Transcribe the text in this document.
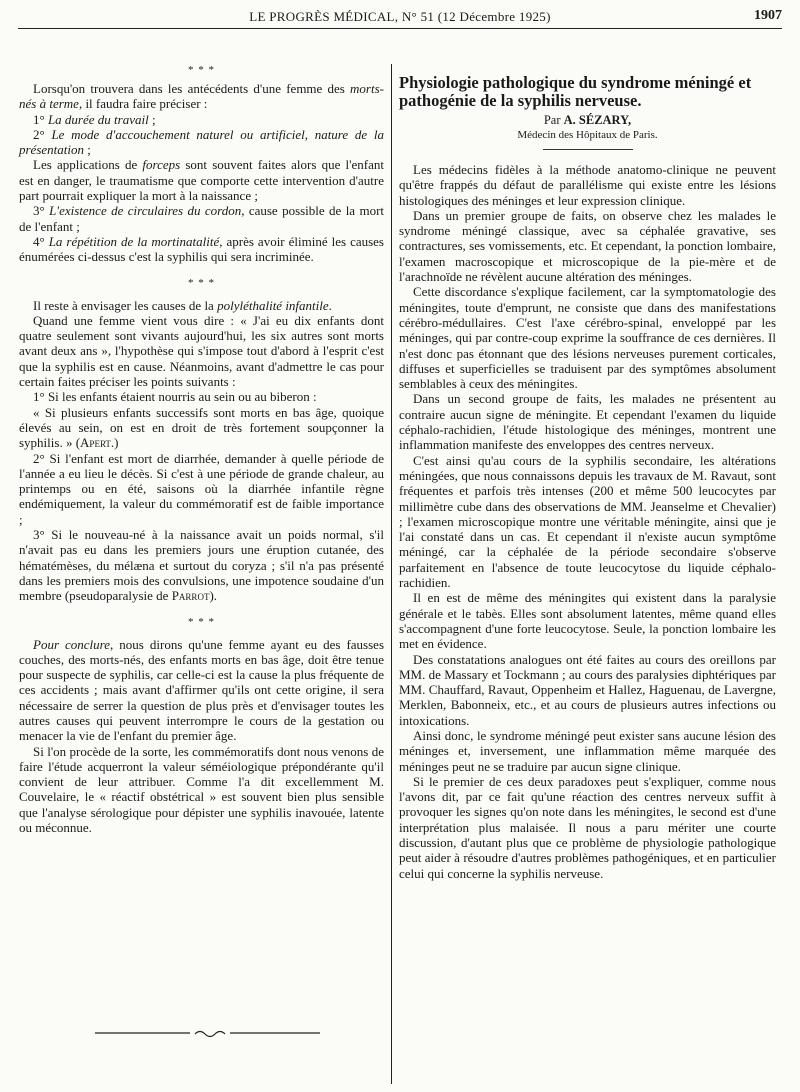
LE PROGRÈS MÉDICAL, N° 51 (12 Décembre 1925)	1907

* * *

Lorsqu'on trouvera dans les antécédents d'une femme des morts-nés à terme, il faudra faire préciser :

1° La durée du travail ;

2° Le mode d'accouchement naturel ou artificiel, nature de la présentation ;

Les applications de forceps sont souvent faites alors que l'enfant est en danger, le traumatisme que comporte cette intervention d'autre part pourrait expliquer la mort à la naissance ;

3° L'existence de circulaires du cordon, cause possible de la mort de l'enfant ;

4° La répétition de la mortinatalité, après avoir éliminé les causes énumérées ci-dessus c'est la syphilis qui sera incriminée.

* * *

Il reste à envisager les causes de la polyléthalité infantile.

Quand une femme vient vous dire : « J'ai eu dix enfants dont quatre seulement sont vivants aujourd'hui, les six autres sont morts avant deux ans », l'hypothèse qui s'impose tout d'abord à l'esprit c'est que la syphilis est en cause. Néanmoins, avant d'admettre le cas pour certain faites préciser les points suivants :

1° Si les enfants étaient nourris au sein ou au biberon :

« Si plusieurs enfants successifs sont morts en bas âge, quoique élevés au sein, on est en droit de très fortement soupçonner la syphilis. » (Apert.)

2° Si l'enfant est mort de diarrhée, demander à quelle période de l'année a eu lieu le décès. Si c'est à une période de grande chaleur, au printemps ou en été, saisons où la diarrhée infantile règne endémiquement, la valeur du commémoratif est de faible importance ;

3° Si le nouveau-né à la naissance avait un poids normal, s'il n'avait pas eu dans les premiers jours une éruption cutanée, des hématémèses, du mélæna et surtout du coryza ; s'il n'a pas présenté dans les premiers mois des convulsions, une impotence soudaine d'un membre (pseudoparalysie de Parrot).

* * *

Pour conclure, nous dirons qu'une femme ayant eu des fausses couches, des morts-nés, des enfants morts en bas âge, doit être tenue pour suspecte de syphilis, car celle-ci est la cause la plus fréquente de ces accidents ; mais avant d'affirmer qu'ils ont cette origine, il sera nécessaire de serrer la question de plus près et d'envisager toutes les autres causes qui peuvent interrompre le cours de la gestation ou menacer la vie de l'enfant du premier âge.

Si l'on procède de la sorte, les commémoratifs dont nous venons de faire l'étude acquerront la valeur séméiologique prépondérante qu'il convient de leur attribuer. Comme l'a dit excellemment M. Couvelaire, le « réactif obstétrical » est souvent bien plus sensible que l'analyse sérologique pour dépister une syphilis inavouée, latente ou méconnue.

Physiologie pathologique du syndrome méningé et pathogénie de la syphilis nerveuse.

Par A. SÉZARY,

Médecin des Hôpitaux de Paris.

Les médecins fidèles à la méthode anatomo-clinique ne peuvent qu'être frappés du défaut de parallélisme qui existe entre les lésions histologiques des méninges et leur expression clinique.

Dans un premier groupe de faits, on observe chez les malades le syndrome méningé classique, avec sa céphalée gravative, ses contractures, ses vomissements, etc. Et cependant, la ponction lombaire, l'examen macroscopique et microscopique de la pie-mère et de l'arachnoïde ne révèlent aucune altération des méninges.

Cette discordance s'explique facilement, car la symptomatologie des méningites, toute d'emprunt, ne consiste que dans des manifestations cérébro-médullaires. C'est l'axe cérébro-spinal, enveloppé par les méninges, qui par contre-coup exprime la souffrance de ces dernières. Il n'est donc pas étonnant que des lésions nerveuses purement corticales, diffuses et superficielles se traduisent par des symptômes absolument semblables à ceux des méningites.

Dans un second groupe de faits, les malades ne présentent au contraire aucun signe de méningite. Et cependant l'examen du liquide céphalo-rachidien, l'étude histologique des méninges, montrent une inflammation manifeste des enveloppes des centres nerveux.

C'est ainsi qu'au cours de la syphilis secondaire, les altérations méningées, que nous connaissons depuis les travaux de M. Ravaut, sont fréquentes et parfois très intenses (200 et même 500 leucocytes par millimètre cube dans des observations de MM. Jeanselme et Chevalier) ; l'examen microscopique montre une véritable méningite, ainsi que je l'ai constaté dans un cas. Et cependant il n'existe aucun symptôme méningé, car la céphalée de la période secondaire s'observe parfaitement en l'absence de toute leucocytose du liquide céphalo-rachidien.

Il en est de même des méningites qui existent dans la paralysie générale et le tabès. Elles sont absolument latentes, même quand elles s'accompagnent d'une forte leucocytose. Seule, la ponction lombaire les met en évidence.

Des constatations analogues ont été faites au cours des oreillons par MM. de Massary et Tockmann ; au cours des paralysies diphtériques par MM. Chauffard, Ravaut, Oppenheim et Hallez, Haguenau, de Lavergne, Merklen, Babonneix, etc., et au cours de plusieurs autres infections ou intoxications.

Ainsi donc, le syndrome méningé peut exister sans aucune lésion des méninges et, inversement, une inflammation même marquée des méninges peut ne se traduire par aucun signe clinique.

Si le premier de ces deux paradoxes peut s'expliquer, comme nous l'avons dit, par ce fait qu'une réaction des centres nerveux suffit à provoquer les signes qu'on note dans les méningites, le second est d'une interprétation plus malaisée. Il nous a paru mériter une courte discussion, d'autant plus que ce problème de physiologie pathologique peut aider à résoudre d'autres problèmes pathogéniques, et en particulier celui qui concerne la syphilis nerveuse.
